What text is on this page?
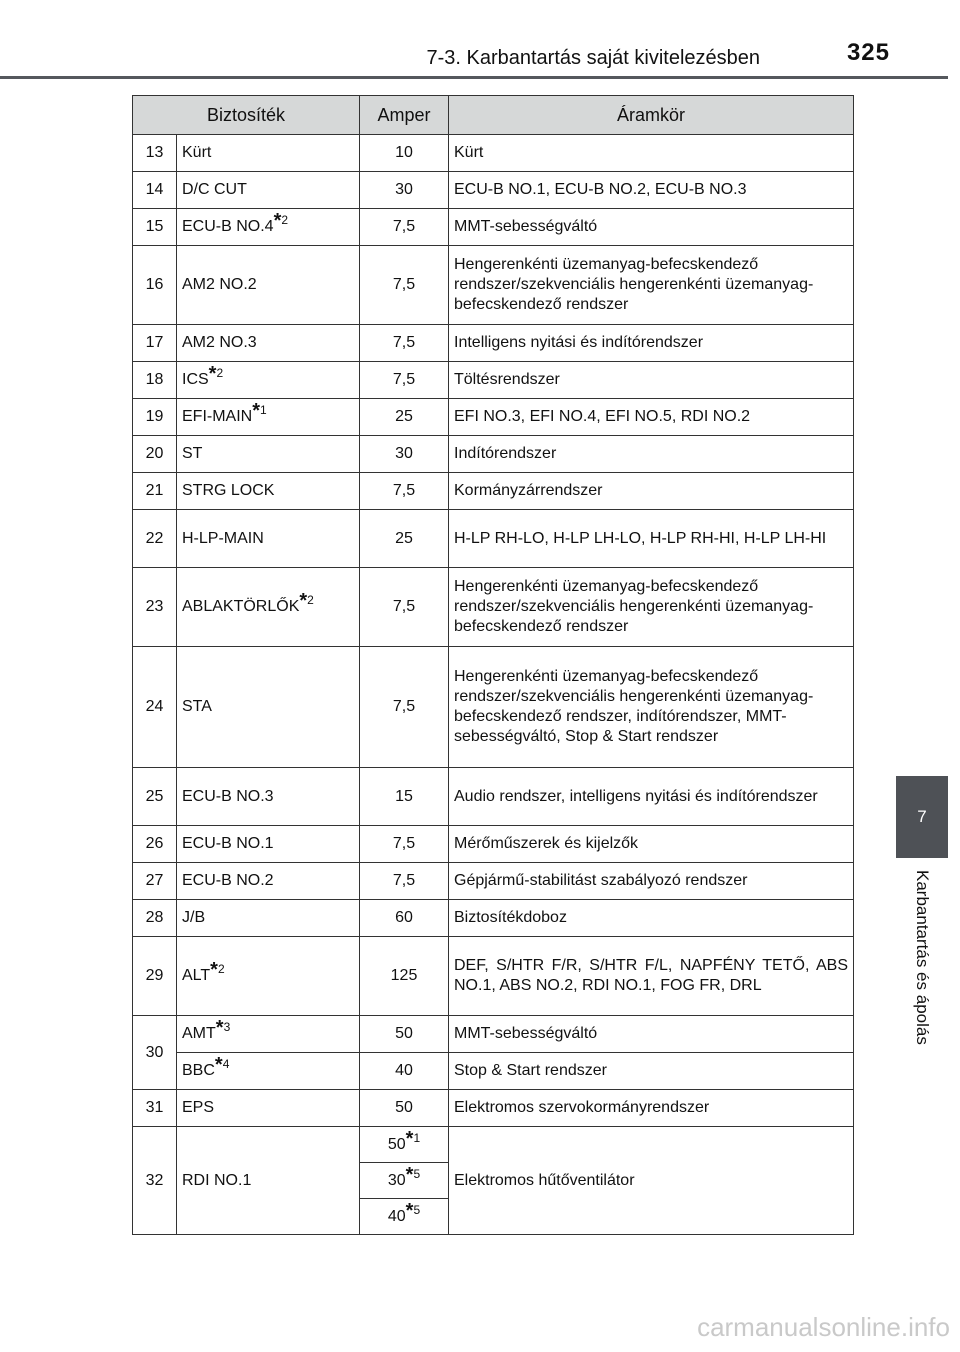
7-3. Karbantartás saját kivitelezésben	325
7
Karbantartás és ápolás
Biztosíték		Amper	Áramkör
13	Kürt	10	Kürt
14	D/C CUT	30	ECU-B NO.1, ECU-B NO.2, ECU-B NO.3
15	ECU-B NO.4$^{*2}$	7,5	MMT-sebességváltó
16	AM2 NO.2	7,5	Hengerenkénti üzemanyag-befecskendező rendszer/szekvenciális hengerenkénti üzemanyag-befecskendező rendszer
17	AM2 NO.3	7,5	Intelligens nyitási és indítórendszer
18	ICS$^{*2}$	7,5	Töltésrendszer
19	EFI-MAIN$^{*1}$	25	EFI NO.3, EFI NO.4, EFI NO.5, RDI NO.2
20	ST	30	Indítórendszer
21	STRG LOCK	7,5	Kormányzárrendszer
22	H-LP-MAIN	25	H-LP RH-LO, H-LP LH-LO, H-LP RH-HI, H-LP LH-HI
23	ABLAKTÖRLŐK$^{*2}$	7,5	Hengerenkénti üzemanyag-befecskendező rendszer/szekvenciális hengerenkénti üzemanyag-befecskendező rendszer
24	STA	7,5	Hengerenkénti üzemanyag-befecskendező rendszer/szekvenciális hengerenkénti üzemanyag-befecskendező rendszer, indítórendszer, MMT-sebességváltó, Stop & Start rendszer
25	ECU-B NO.3	15	Audio rendszer, intelligens nyitási és indítórendszer
26	ECU-B NO.1	7,5	Mérőműszerek és kijelzők
27	ECU-B NO.2	7,5	Gépjármű-stabilitást szabályozó rendszer
28	J/B	60	Biztosítékdoboz
29	ALT$^{*2}$	125	DEF, S/HTR F/R, S/HTR F/L, NAPFÉNY TETŐ, ABS NO.1, ABS NO.2, RDI NO.1, FOG FR, DRL
30	AMT$^{*3}$	50	MMT-sebességváltó
	BBC$^{*4}$	40	Stop & Start rendszer
31	EPS	50	Elektromos szervokormányrendszer
32	RDI NO.1	50$^{*1}$	Elektromos hűtőventilátor
		30$^{*5}$
		40$^{*5}$
carmanualsonline.info
